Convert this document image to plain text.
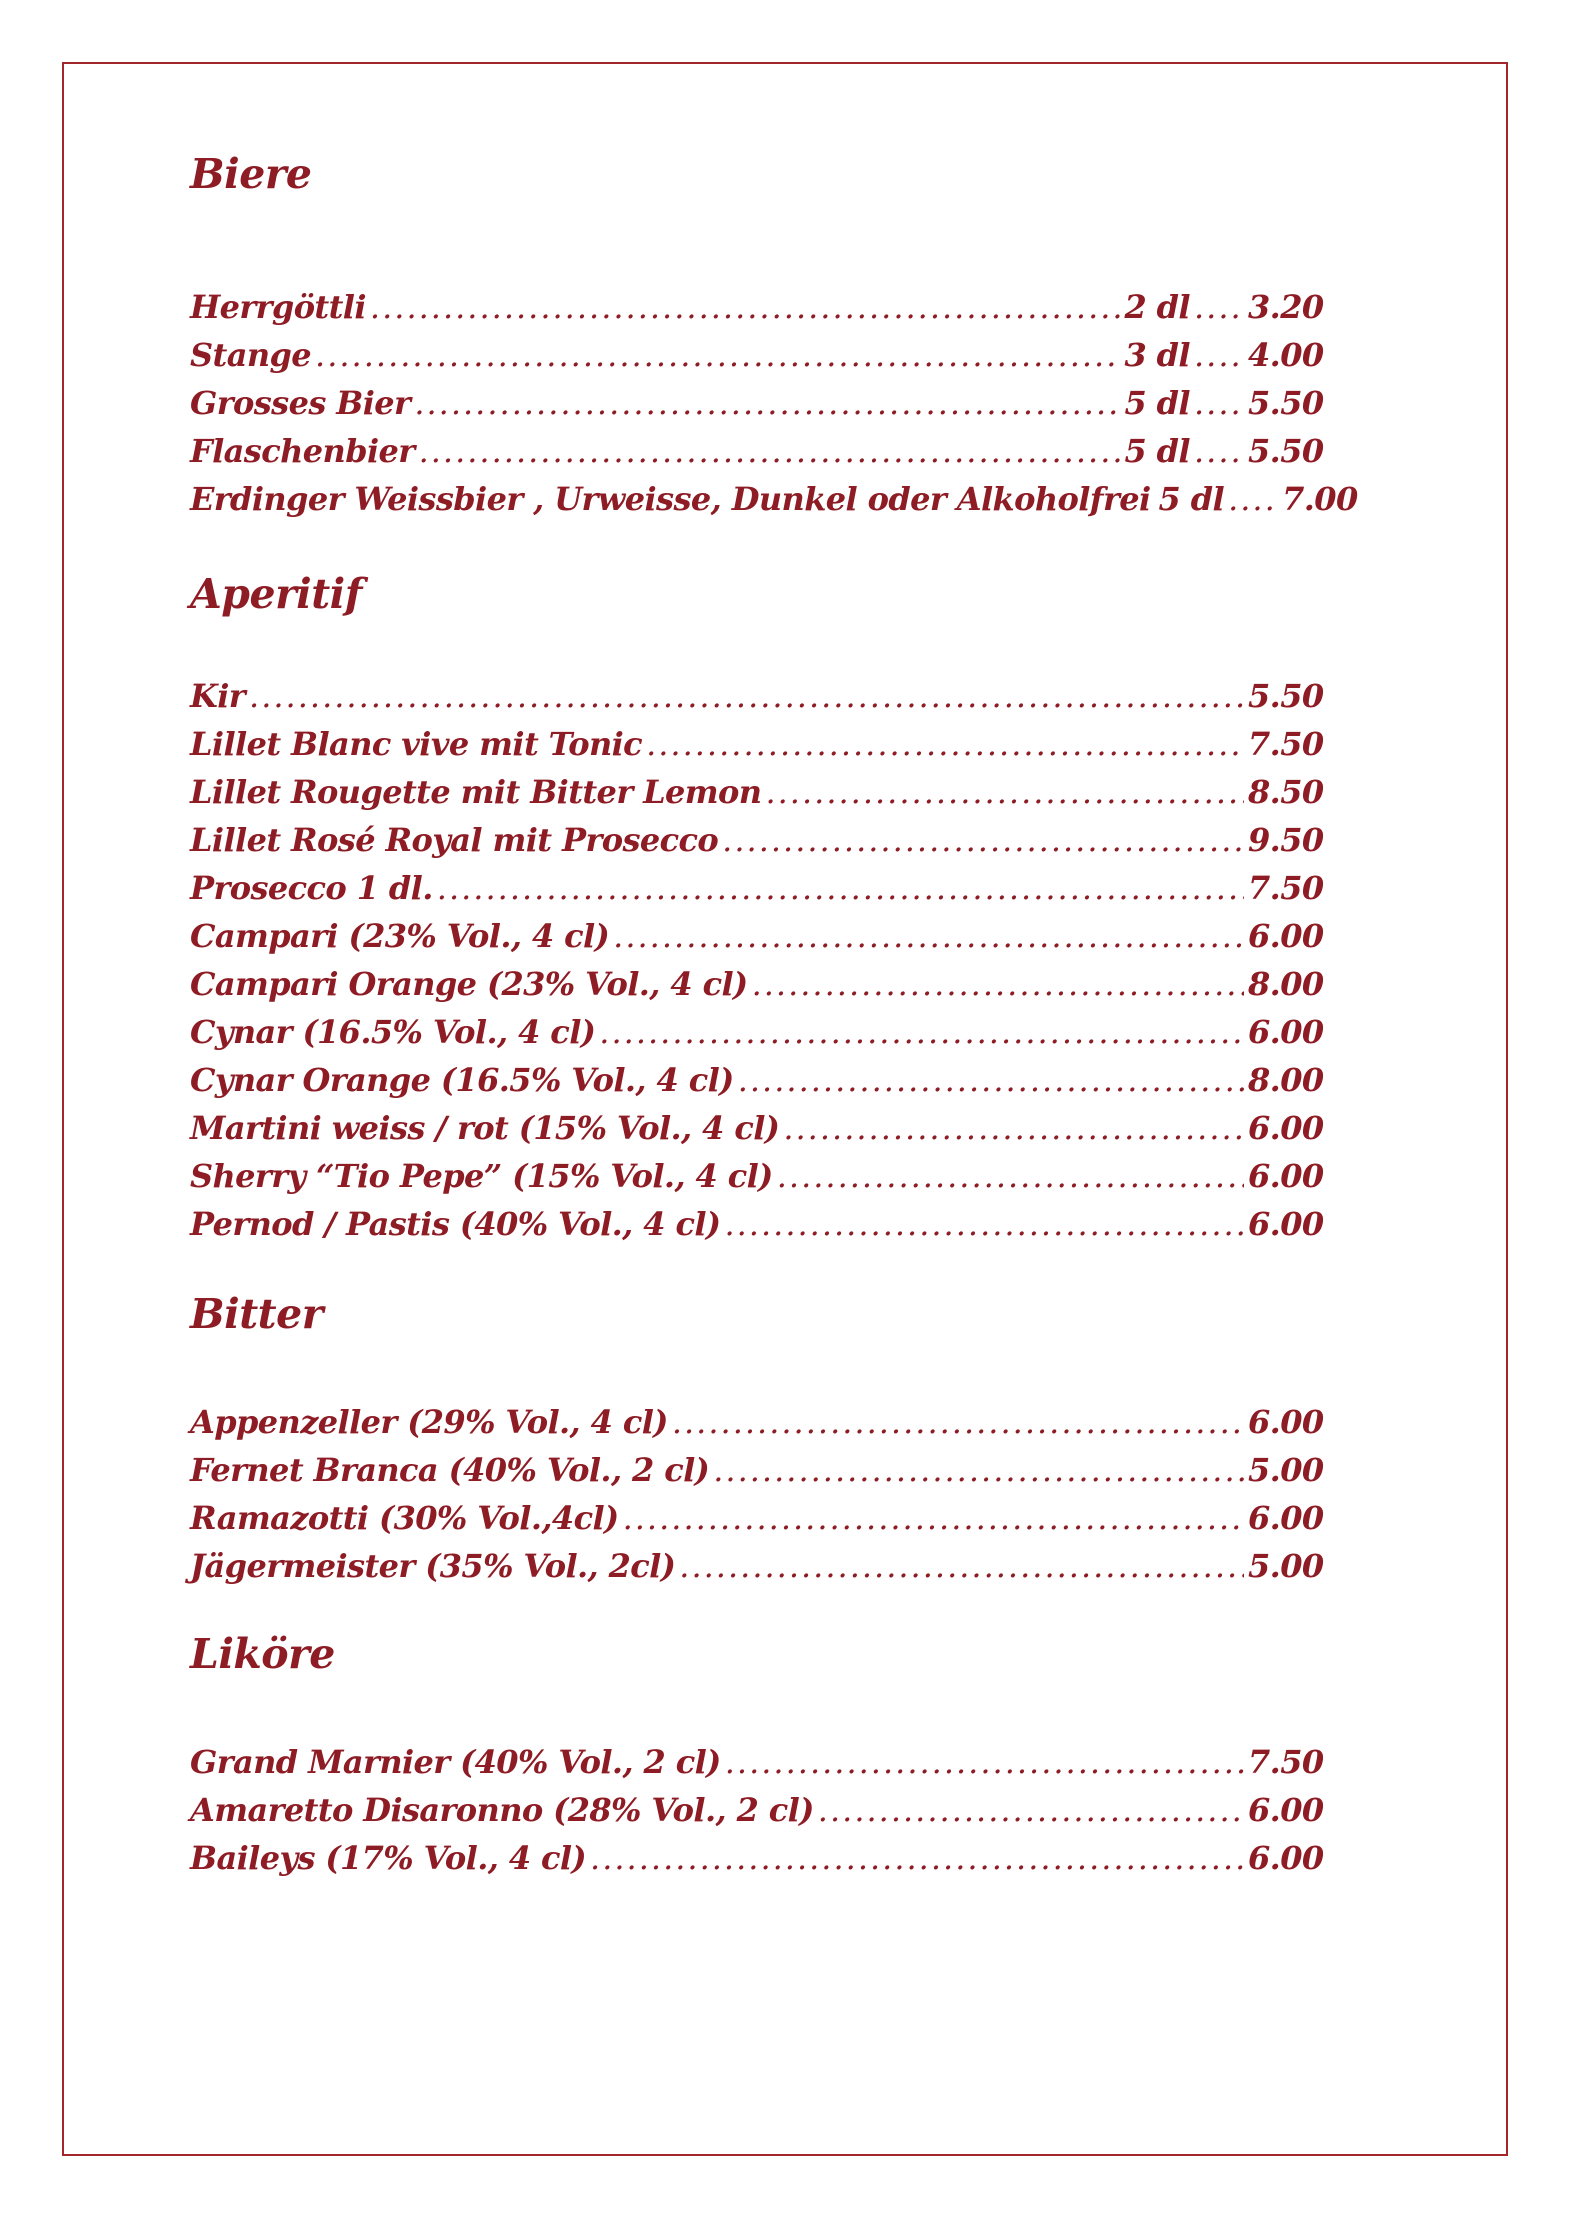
Biere
Herrgöttli .....	2 dl ..... 3.20
Stange .....	3 dl ..... 4.00
Grosses Bier .....	5 dl ..... 5.50
Flaschenbier .....	5 dl ..... 5.50
Erdinger Weissbier , Urweisse, Dunkel oder Alkoholfrei 5 dl ..... 7.00
Aperitif
Kir .....	5.50
Lillet Blanc vive mit Tonic .....	7.50
Lillet Rougette mit Bitter Lemon .....	8.50
Lillet Rosé Royal mit Prosecco .....	9.50
Prosecco 1 dl. .....	7.50
Campari (23% Vol., 4 cl) .....	6.00
Campari Orange (23% Vol., 4 cl) .....	8.00
Cynar (16.5% Vol., 4 cl) .....	6.00
Cynar Orange (16.5% Vol., 4 cl) .....	8.00
Martini weiss / rot (15% Vol., 4 cl) .....	6.00
Sherry “Tio Pepe” (15% Vol., 4 cl) .....	6.00
Pernod / Pastis (40% Vol., 4 cl) .....	6.00
Bitter
Appenzeller (29% Vol., 4 cl) .....	6.00
Fernet Branca (40% Vol., 2 cl) .....	5.00
Ramazotti (30% Vol.,4cl) .....	6.00
Jägermeister (35% Vol., 2cl) .....	5.00
Liköre
Grand Marnier (40% Vol., 2 cl) .....	7.50
Amaretto Disaronno (28% Vol., 2 cl) .....	6.00
Baileys (17% Vol., 4 cl) .....	6.00
